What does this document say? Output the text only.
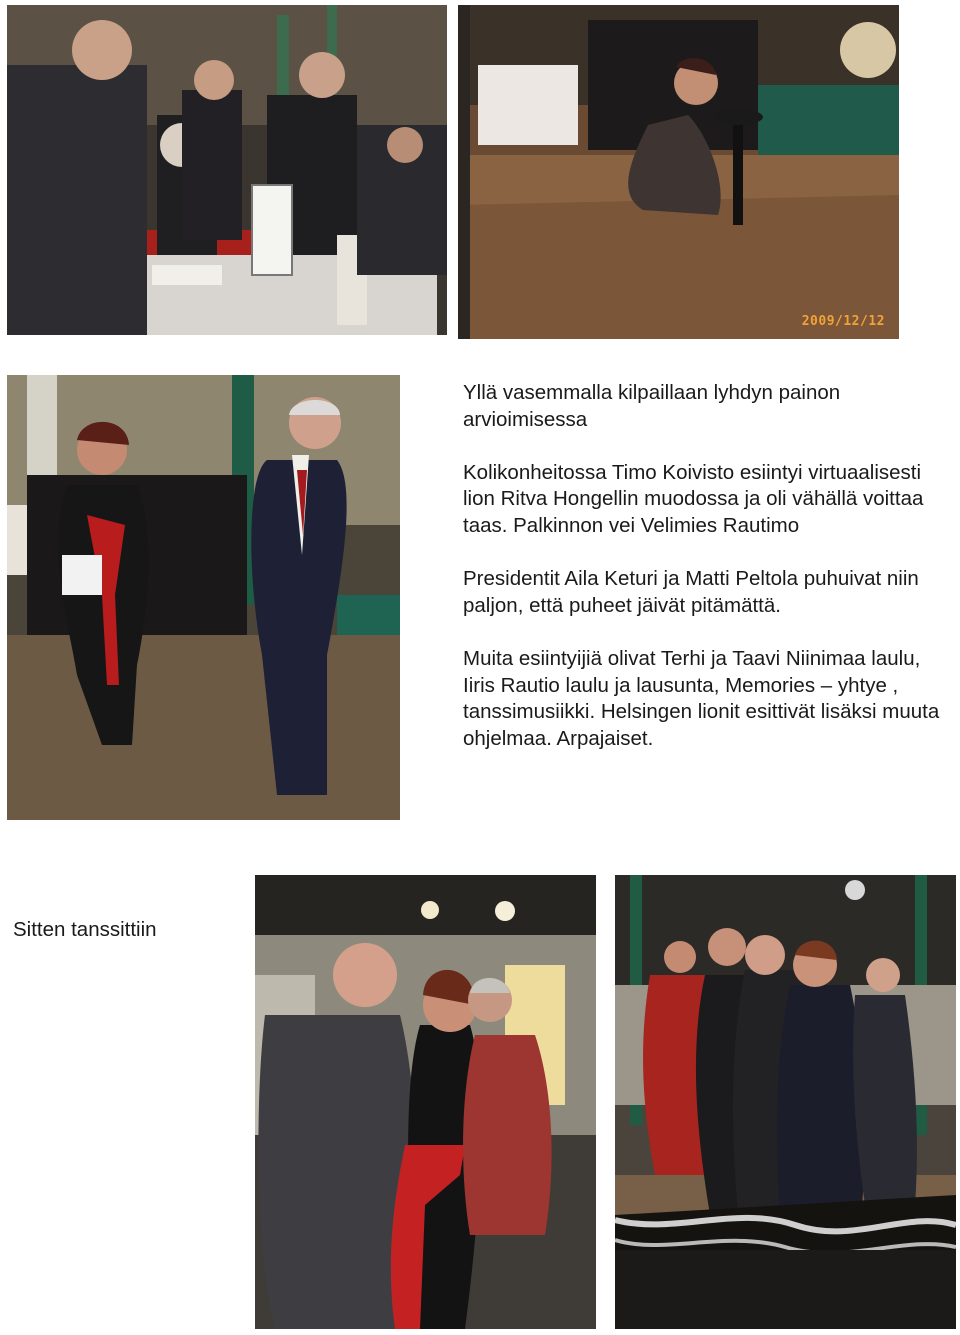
2009/12/12

Yllä vasemmalla kilpaillaan lyhdyn painon arvioimisessa

Kolikonheitossa Timo Koivisto esiintyi virtuaalisesti lion Ritva Hongellin muodossa ja oli vähällä voittaa taas. Palkinnon vei Velimies Rautimo

Presidentit Aila Keturi ja Matti Peltola puhuivat niin paljon, että puheet jäivät pitämättä.

Muita esiintyijiä olivat Terhi ja Taavi Niinimaa laulu, Iiris Rautio laulu ja lausunta, Memories – yhtye , tanssimusiikki. Helsingen lionit esittivät lisäksi muuta ohjelmaa. Arpajaiset.

Sitten tanssittiin
